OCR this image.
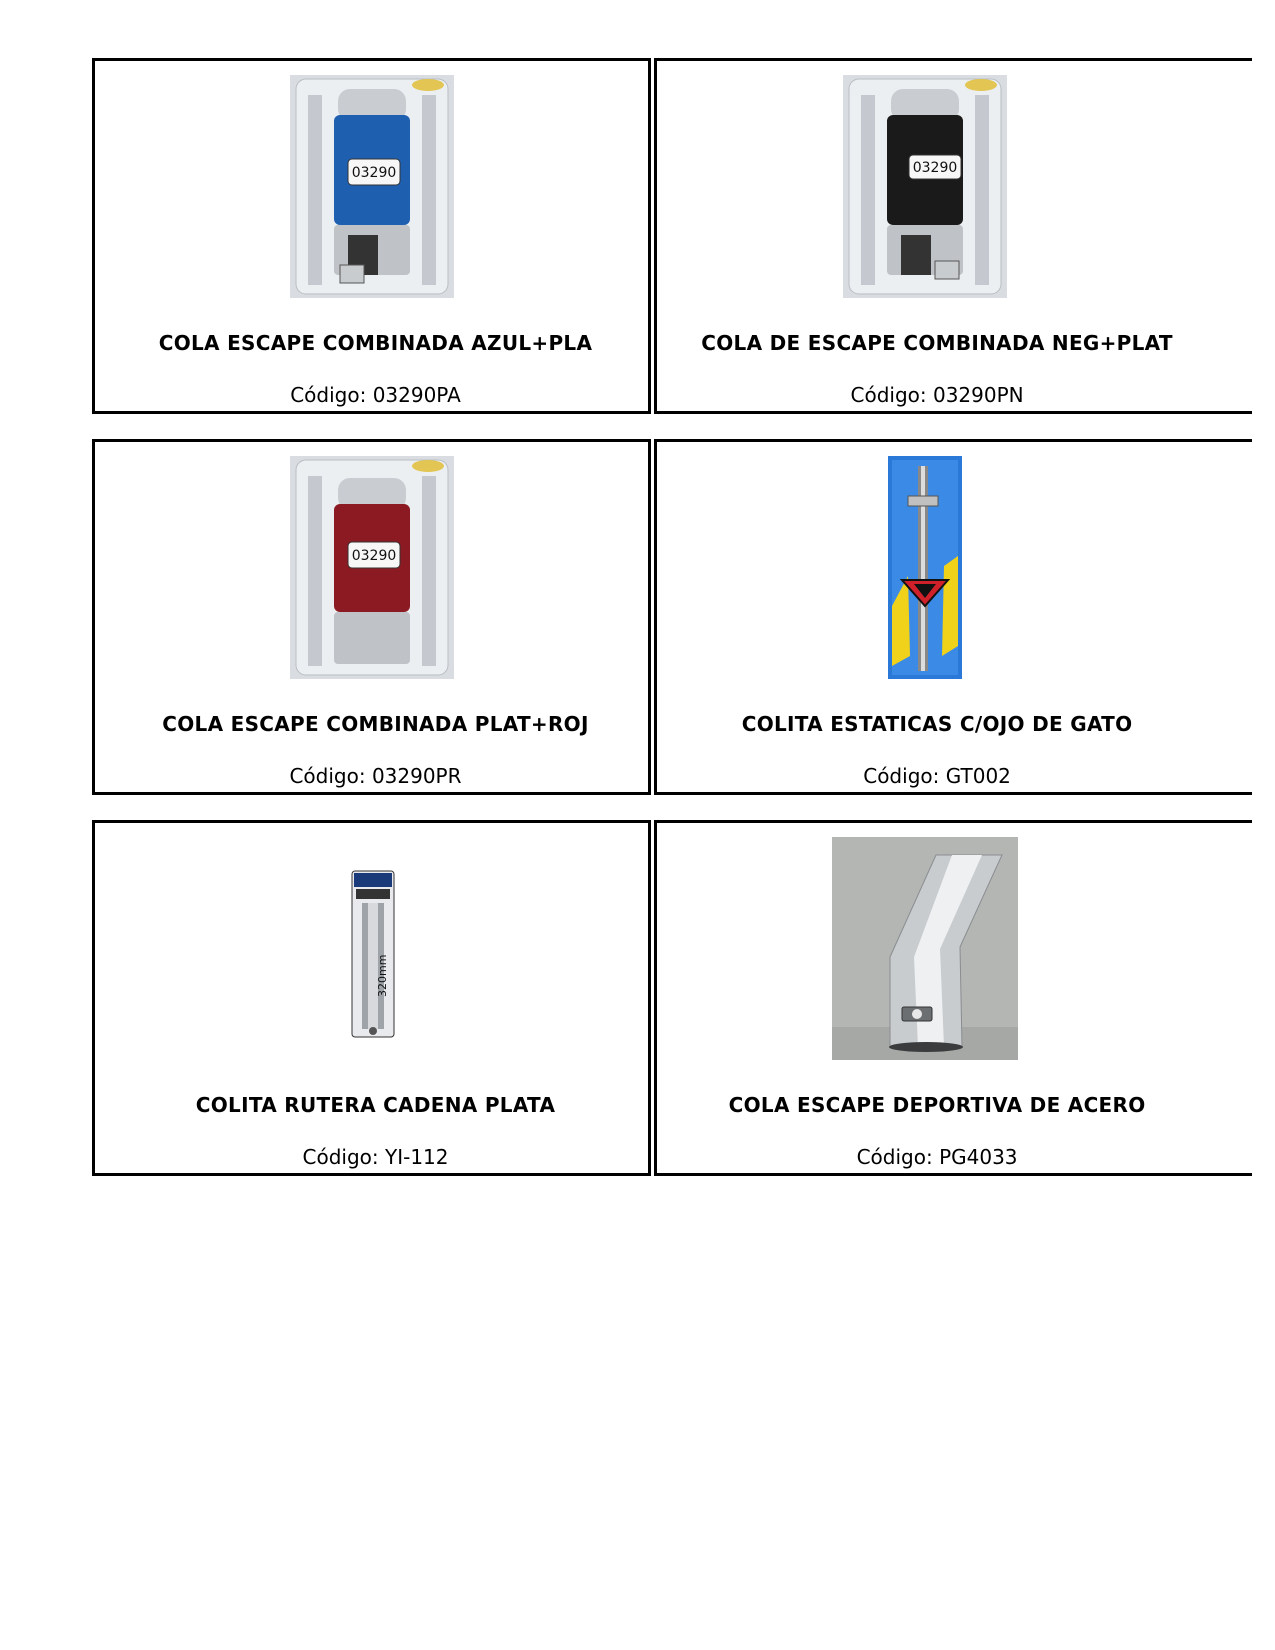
03290
COLA ESCAPE COMBINADA AZUL+PLA
Código: 03290PA
03290
COLA DE ESCAPE COMBINADA NEG+PLAT
Código: 03290PN
03290
COLA ESCAPE COMBINADA PLAT+ROJ
Código: 03290PR
COLITA ESTATICAS C/OJO DE GATO
Código: GT002
320mm
COLITA RUTERA CADENA PLATA
Código: YI-112
COLA ESCAPE DEPORTIVA DE ACERO
Código: PG4033
